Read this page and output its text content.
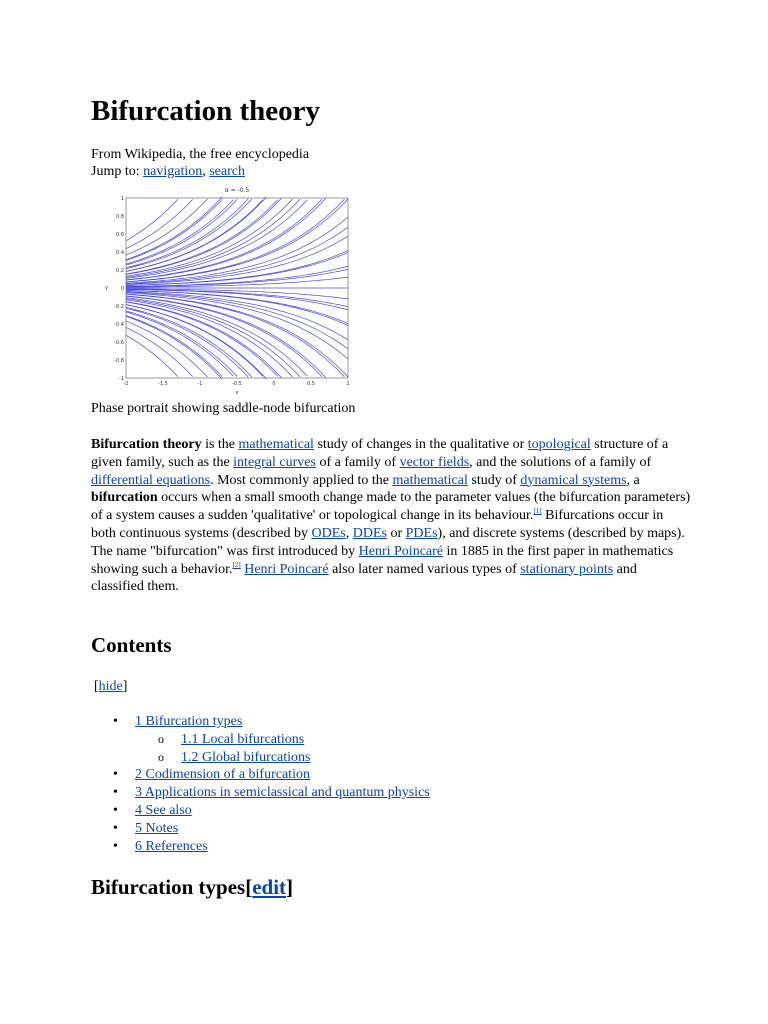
Bifurcation theory
From Wikipedia, the free encyclopedia
Jump to: navigation, search
α = -0.5
1
0.8
0.6
0.4
0.2
0
-0.2
-0.4
-0.6
-0.8
-1
-2	-1.5	-1	-0.5	0	0.5	1
y
x
Phase portrait showing saddle-node bifurcation

Bifurcation theory is the mathematical study of changes in the qualitative or topological structure of a given family, such as the integral curves of a family of vector fields, and the solutions of a family of differential equations. Most commonly applied to the mathematical study of dynamical systems, a bifurcation occurs when a small smooth change made to the parameter values (the bifurcation parameters) of a system causes a sudden 'qualitative' or topological change in its behaviour.[1] Bifurcations occur in both continuous systems (described by ODEs, DDEs or PDEs), and discrete systems (described by maps). The name "bifurcation" was first introduced by Henri Poincaré in 1885 in the first paper in mathematics showing such a behavior.[2] Henri Poincaré also later named various types of stationary points and classified them.

Contents
[hide]
• 1 Bifurcation types
o 1.1 Local bifurcations
o 1.2 Global bifurcations
• 2 Codimension of a bifurcation
• 3 Applications in semiclassical and quantum physics
• 4 See also
• 5 Notes
• 6 References
Bifurcation types[edit]
